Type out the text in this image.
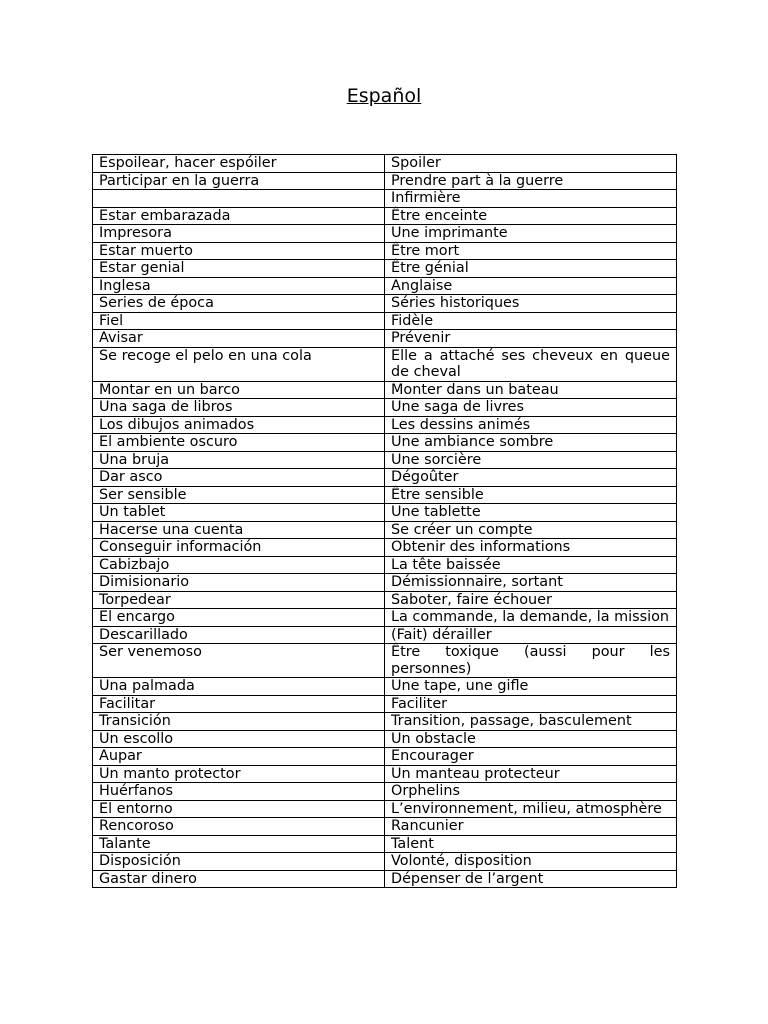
Español
Espoilear, hacer espóiler	Spoiler
Participar en la guerra	Prendre part à la guerre
	Infirmière
Estar embarazada	Être enceinte
Impresora	Une imprimante
Estar muerto	Être mort
Estar genial	Être génial
Inglesa	Anglaise
Series de época	Séries historiques
Fiel	Fidèle
Avisar	Prévenir
Se recoge el pelo en una cola	Elle a attaché ses cheveux en queue de cheval
Montar en un barco	Monter dans un bateau
Una saga de libros	Une saga de livres
Los dibujos animados	Les dessins animés
El ambiente oscuro	Une ambiance sombre
Una bruja	Une sorcière
Dar asco	Dégoûter
Ser sensible	Être sensible
Un tablet	Une tablette
Hacerse una cuenta	Se créer un compte
Conseguir información	Obtenir des informations
Cabizbajo	La tête baissée
Dimisionario	Démissionnaire, sortant
Torpedear	Saboter, faire échouer
El encargo	La commande, la demande, la mission
Descarillado	(Fait) dérailler
Ser venemoso	Être toxique (aussi pour les personnes)
Una palmada	Une tape, une gifle
Facilitar	Faciliter
Transición	Transition, passage, basculement
Un escollo	Un obstacle
Aupar	Encourager
Un manto protector	Un manteau protecteur
Huérfanos	Orphelins
El entorno	L’environnement, milieu, atmosphère
Rencoroso	Rancunier
Talante	Talent
Disposición	Volonté, disposition
Gastar dinero	Dépenser de l’argent
